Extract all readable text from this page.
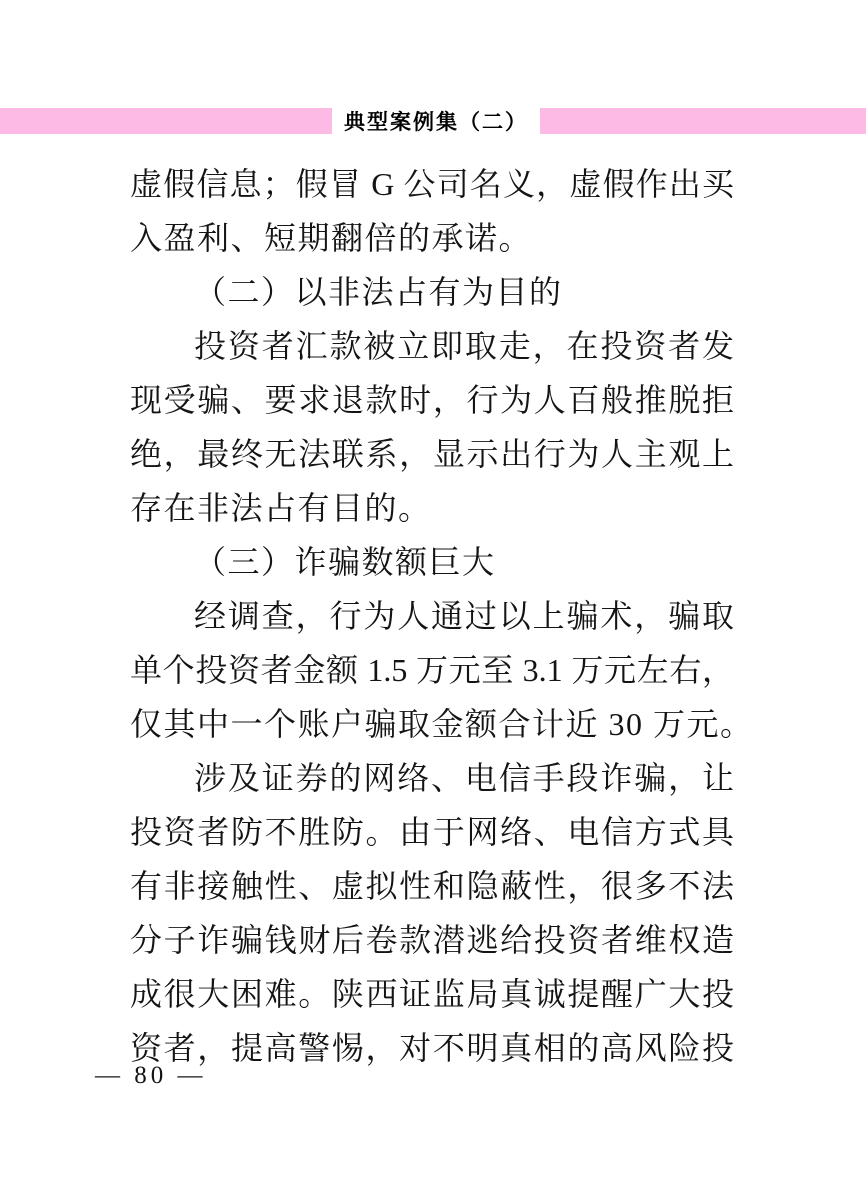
典型案例集（二）
虚假信息；假冒 G 公司名义，虚假作出买
入盈利、短期翻倍的承诺。
（二）以非法占有为目的
投资者汇款被立即取走，在投资者发
现受骗、要求退款时，行为人百般推脱拒
绝，最终无法联系，显示出行为人主观上
存在非法占有目的。
（三）诈骗数额巨大
经调查，行为人通过以上骗术，骗取
单个投资者金额 1.5 万元至 3.1 万元左右，
仅其中一个账户骗取金额合计近 30 万元。
涉及证券的网络、电信手段诈骗，让
投资者防不胜防。由于网络、电信方式具
有非接触性、虚拟性和隐蔽性，很多不法
分子诈骗钱财后卷款潜逃给投资者维权造
成很大困难。陕西证监局真诚提醒广大投
资者，提高警惕，对不明真相的高风险投
— 80 —
